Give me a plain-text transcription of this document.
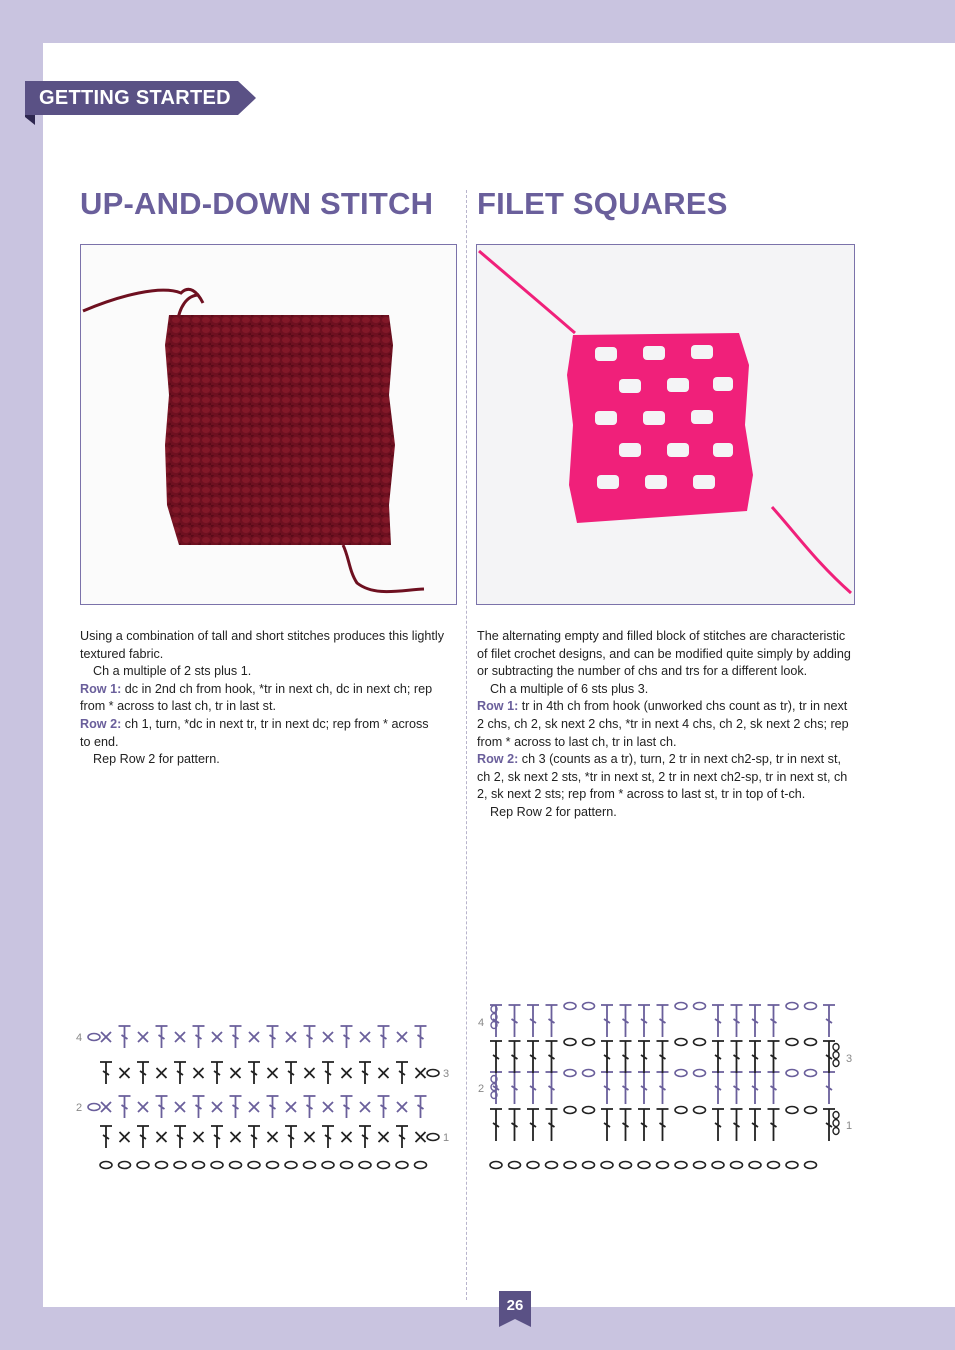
GETTING STARTED
UP-AND-DOWN STITCH FILET SQUARES

Using a combination of tall and short stitches produces this lightly textured fabric.

Ch a multiple of 2 sts plus 1.

Row 1: dc in 2nd ch from hook, *tr in next ch, dc in next ch; rep from * across to last ch, tr in last st.

Row 2: ch 1, turn, *dc in next tr, tr in next dc; rep from * across

to end.

Rep Row 2 for pattern.

The alternating empty and filled block of stitches are characteristic of filet crochet designs, and can be modified quite simply by adding or subtracting the number of chs and trs for a different look.

Ch a multiple of 6 sts plus 3.

Row 1: tr in 4th ch from hook (unworked chs count as tr), tr in next 2 chs, ch 2, sk next 2 chs, *tr in next 4 chs, ch 2, sk next 2 chs; rep from * across to last ch, tr in last ch.

Row 2: ch 3 (counts as a tr), turn, 2 tr in next ch2-sp, tr in next st, ch 2, sk next 2 sts, *tr in next st, 2 tr in next ch2-sp, tr in next st, ch 2, sk next 2 sts; rep from * across to last st, tr in top of t-ch.

Rep Row 2 for pattern.

1
2
3
4
1
2
3
4
26
